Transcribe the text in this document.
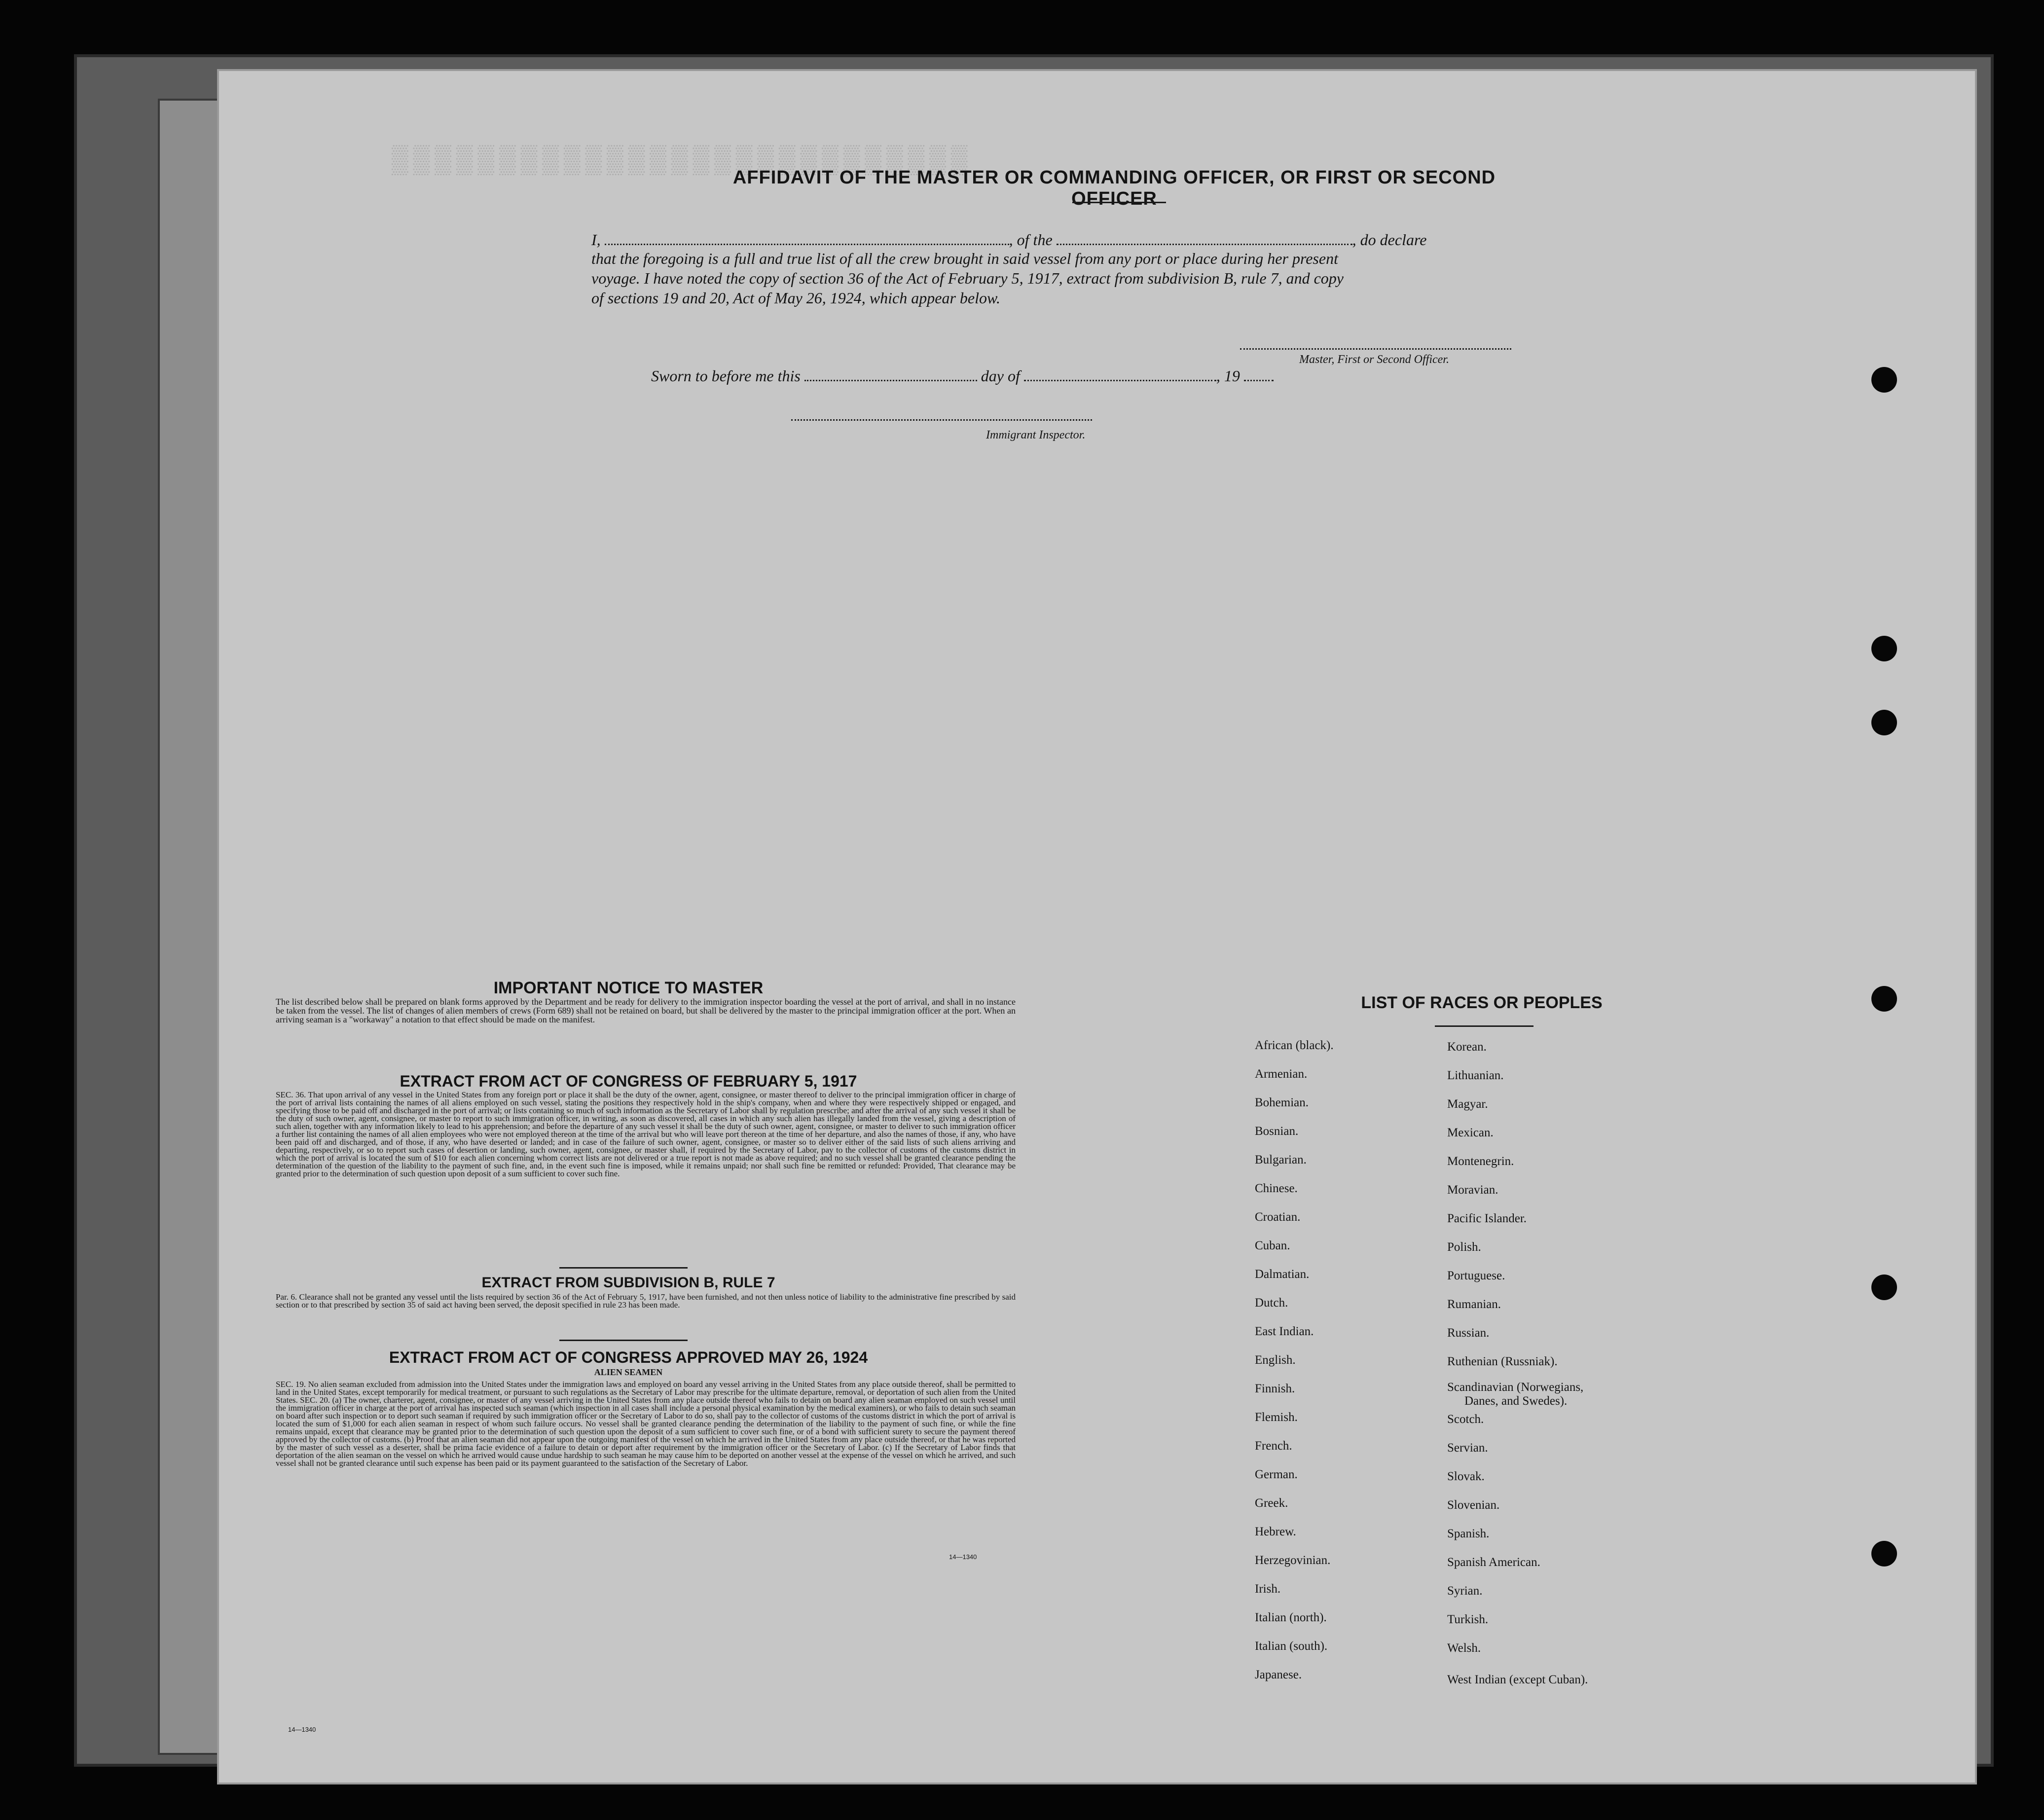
▒▒▒▒▒▒▒▒▒▒▒▒▒▒▒▒▒▒▒▒▒▒▒▒▒▒▒
AFFIDAVIT OF THE MASTER OR COMMANDING OFFICER, OR FIRST OR SECOND OFFICER
I,	, of the	, do declare
that the foregoing is a full and true list of all the crew brought in said vessel from any port or place during her present
voyage. I have noted the copy of section 36 of the Act of February 5, 1917, extract from subdivision B, rule 7, and copy
of sections 19 and 20, Act of May 26, 1924, which appear below.
Master, First or Second Officer.
Sworn to before me this	day of	, 19
Immigrant Inspector.
IMPORTANT NOTICE TO MASTER
The list described below shall be prepared on blank forms approved by the Department and be ready for delivery to the immigration inspector boarding the vessel at the port of arrival, and shall in no instance be taken from the vessel. The list of changes of alien members of crews (Form 689) shall not be retained on board, but shall be delivered by the master to the principal immigration officer at the port. When an arriving seaman is a "workaway" a notation to that effect should be made on the manifest.
EXTRACT FROM ACT OF CONGRESS OF FEBRUARY 5, 1917
SEC. 36. That upon arrival of any vessel in the United States from any foreign port or place it shall be the duty of the owner, agent, consignee, or master thereof to deliver to the principal immigration officer in charge of the port of arrival lists containing the names of all aliens employed on such vessel, stating the positions they respectively hold in the ship's company, when and where they were respectively shipped or engaged, and specifying those to be paid off and discharged in the port of arrival; or lists containing so much of such information as the Secretary of Labor shall by regulation prescribe; and after the arrival of any such vessel it shall be the duty of such owner, agent, consignee, or master to report to such immigration officer, in writing, as soon as discovered, all cases in which any such alien has illegally landed from the vessel, giving a description of such alien, together with any information likely to lead to his apprehension; and before the departure of any such vessel it shall be the duty of such owner, agent, consignee, or master to deliver to such immigration officer a further list containing the names of all alien employees who were not employed thereon at the time of the arrival but who will leave port thereon at the time of her departure, and also the names of those, if any, who have been paid off and discharged, and of those, if any, who have deserted or landed; and in case of the failure of such owner, agent, consignee, or master so to deliver either of the said lists of such aliens arriving and departing, respectively, or so to report such cases of desertion or landing, such owner, agent, consignee, or master shall, if required by the Secretary of Labor, pay to the collector of customs of the customs district in which the port of arrival is located the sum of $10 for each alien concerning whom correct lists are not delivered or a true report is not made as above required; and no such vessel shall be granted clearance pending the determination of the question of the liability to the payment of such fine, and, in the event such fine is imposed, while it remains unpaid; nor shall such fine be remitted or refunded: Provided, That clearance may be granted prior to the determination of such question upon deposit of a sum sufficient to cover such fine.
EXTRACT FROM SUBDIVISION B, RULE 7
Par. 6. Clearance shall not be granted any vessel until the lists required by section 36 of the Act of February 5, 1917, have been furnished, and not then unless notice of liability to the administrative fine prescribed by said section or to that prescribed by section 35 of said act having been served, the deposit specified in rule 23 has been made.
EXTRACT FROM ACT OF CONGRESS APPROVED MAY 26, 1924
ALIEN SEAMEN
SEC. 19. No alien seaman excluded from admission into the United States under the immigration laws and employed on board any vessel arriving in the United States from any place outside thereof, shall be permitted to land in the United States, except temporarily for medical treatment, or pursuant to such regulations as the Secretary of Labor may prescribe for the ultimate departure, removal, or deportation of such alien from the United States. SEC. 20. (a) The owner, charterer, agent, consignee, or master of any vessel arriving in the United States from any place outside thereof who fails to detain on board any alien seaman employed on such vessel until the immigration officer in charge at the port of arrival has inspected such seaman (which inspection in all cases shall include a personal physical examination by the medical examiners), or who fails to detain such seaman on board after such inspection or to deport such seaman if required by such immigration officer or the Secretary of Labor to do so, shall pay to the collector of customs of the customs district in which the port of arrival is located the sum of $1,000 for each alien seaman in respect of whom such failure occurs. No vessel shall be granted clearance pending the determination of the liability to the payment of such fine, or while the fine remains unpaid, except that clearance may be granted prior to the determination of such question upon the deposit of a sum sufficient to cover such fine, or of a bond with sufficient surety to secure the payment thereof approved by the collector of customs. (b) Proof that an alien seaman did not appear upon the outgoing manifest of the vessel on which he arrived in the United States from any place outside thereof, or that he was reported by the master of such vessel as a deserter, shall be prima facie evidence of a failure to detain or deport after requirement by the immigration officer or the Secretary of Labor. (c) If the Secretary of Labor finds that deportation of the alien seaman on the vessel on which he arrived would cause undue hardship to such seaman he may cause him to be deported on another vessel at the expense of the vessel on which he arrived, and such vessel shall not be granted clearance until such expense has been paid or its payment guaranteed to the satisfaction of the Secretary of Labor.
14—1340
14—1340
LIST OF RACES OR PEOPLES
African (black).
Armenian.
Bohemian.
Bosnian.
Bulgarian.
Chinese.
Croatian.
Cuban.
Dalmatian.
Dutch.
East Indian.
English.
Finnish.
Flemish.
French.
German.
Greek.
Hebrew.
Herzegovinian.
Irish.
Italian (north).
Italian (south).
Japanese.
Korean.
Lithuanian.
Magyar.
Mexican.
Montenegrin.
Moravian.
Pacific Islander.
Polish.
Portuguese.
Rumanian.
Russian.
Ruthenian (Russniak).
Scandinavian (Norwegians,
Danes, and Swedes).
Scotch.
Servian.
Slovak.
Slovenian.
Spanish.
Spanish American.
Syrian.
Turkish.
Welsh.
West Indian (except Cuban).
